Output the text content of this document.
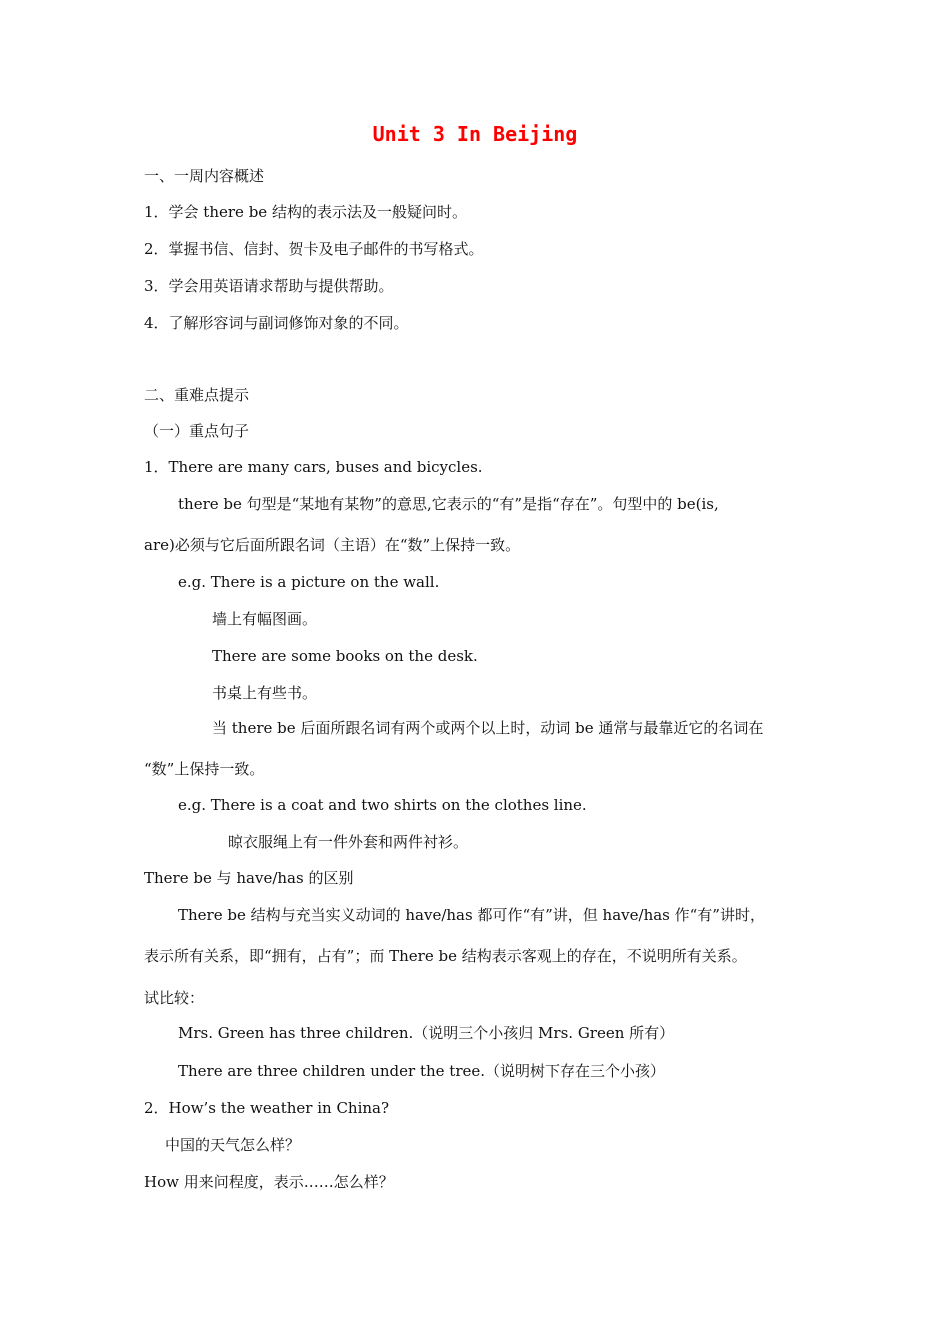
Unit 3 In Beijing
一、一周内容概述
1．学会 there be 结构的表示法及一般疑问时。
2．掌握书信、信封、贺卡及电子邮件的书写格式。
3．学会用英语请求帮助与提供帮助。
4．了解形容词与副词修饰对象的不同。
二、重难点提示
（一）重点句子
1．There are many cars, buses and bicycles.
there be 句型是“某地有某物”的意思,它表示的“有”是指“存在”。句型中的 be(is,
are)必须与它后面所跟名词（主语）在“数”上保持一致。
e.g. There is a picture on the wall.
墙上有幅图画。
There are some books on the desk.
书桌上有些书。
当 there be 后面所跟名词有两个或两个以上时，动词 be 通常与最靠近它的名词在
“数”上保持一致。
e.g. There is a coat and two shirts on the clothes line.
晾衣服绳上有一件外套和两件衬衫。
There be 与 have/has 的区别
There be 结构与充当实义动词的 have/has 都可作“有”讲，但 have/has 作“有”讲时，
表示所有关系，即“拥有，占有”；而 There be 结构表示客观上的存在，不说明所有关系。
试比较：
Mrs. Green has three children.（说明三个小孩归 Mrs. Green 所有）
There are three children under the tree.（说明树下存在三个小孩）
2．How’s the weather in China?
中国的天气怎么样？
How 用来问程度，表示……怎么样？
